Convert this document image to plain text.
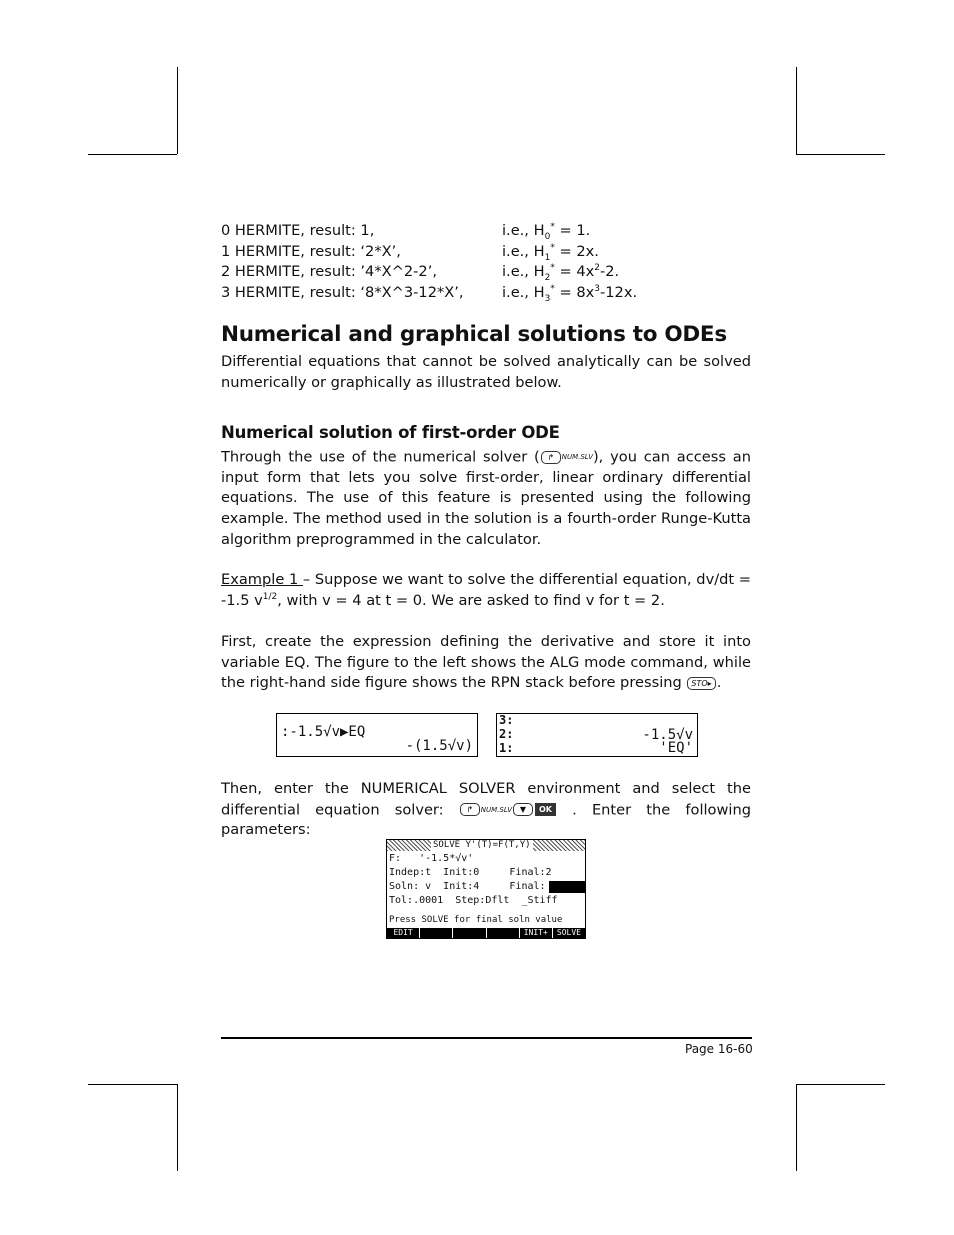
0 HERMITE, result: 1,	i.e., $H_0^* = 1$.
1 HERMITE, result: ‘2*X’,	i.e., $H_1^* = 2x$.
2 HERMITE, result: ’4*X^2-2’,	i.e., $H_2^* = 4x^2-2$.
3 HERMITE, result: ‘8*X^3-12*X’,	i.e., $H_3^* = 8x^3-12x$.
Numerical and graphical solutions to ODEs

Differential equations that cannot be solved analytically can be solved numerically or graphically as illustrated below.

Numerical solution of first-order ODE

Through the use of the numerical solver ( ↱ NUM.SLV), you can access an input form that lets you solve first-order, linear ordinary differential equations. The use of this feature is presented using the following example. The method used in the solution is a fourth-order Runge-Kutta algorithm preprogrammed in the calculator.

Example 1 – Suppose we want to solve the differential equation, dv/dt = -1.5 $v^{1/2}$, with v = 4 at t = 0. We are asked to find v for t = 2.

First, create the expression defining the derivative and store it into variable EQ. The figure to the left shows the ALG mode command, while the right-hand side figure shows the RPN stack before pressing STO▸ .

:-1.5√v▶EQ
-(1.5√v)
3:
2:
1:
-1.5√v
'EQ'

Then, enter the NUMERICAL SOLVER environment and select the differential equation solver: ↱ NUM.SLV ▼ OK . Enter the following parameters:

SOLVE Y'(T)=F(T,Y)
F:   '-1.5*√v'
Indep:t  Init:0     Final:2
Soln: v  Init:4     Final:
Tol:.0001  Step:Dflt  _Stiff
Press SOLVE for final soln value
EDIT	INIT+	SOLVE
Page 16-60
